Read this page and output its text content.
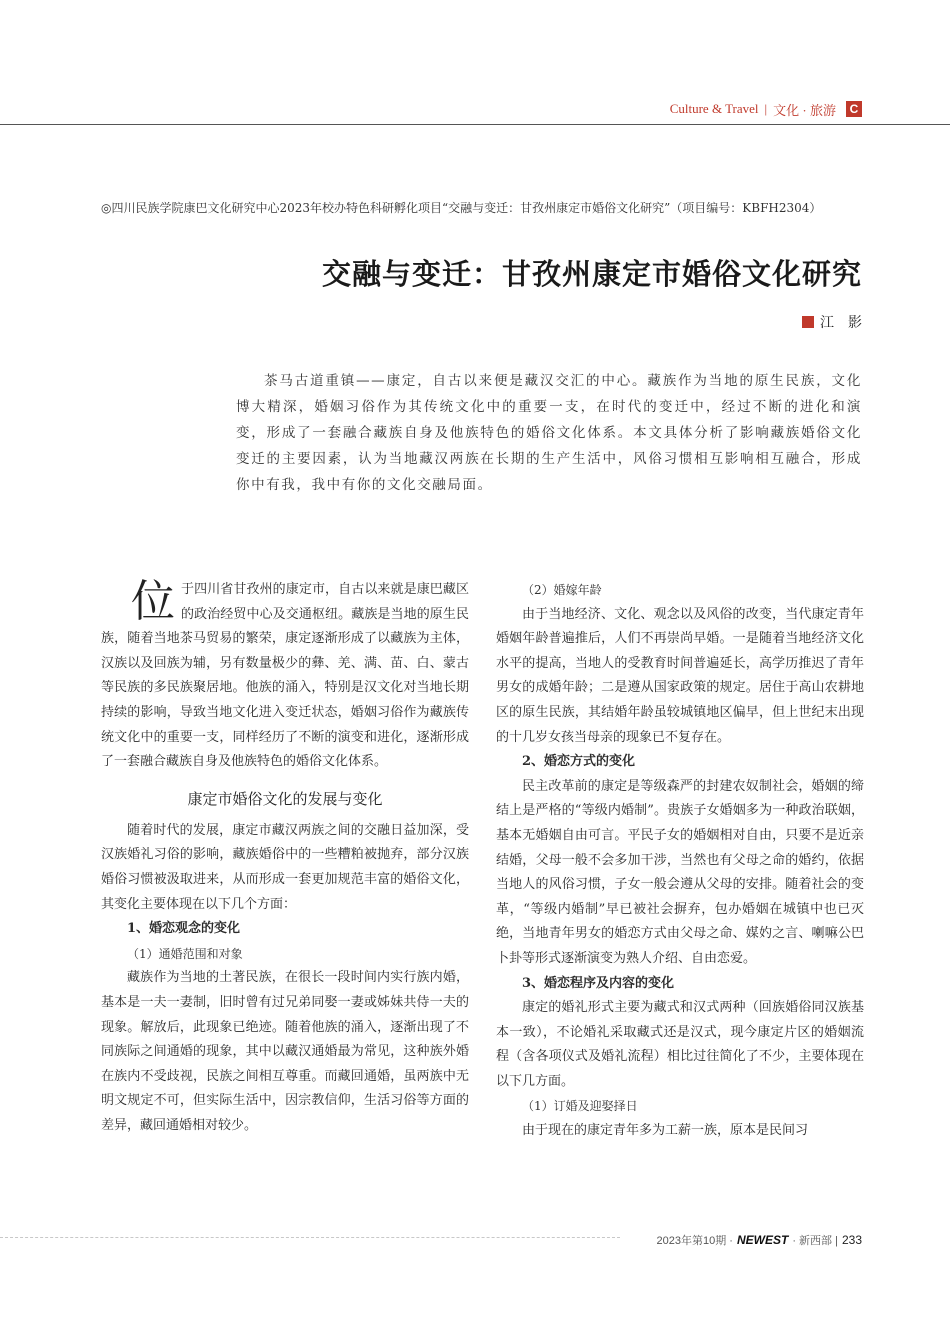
Culture & Travel | 文化 · 旅游	C
◎四川民族学院康巴文化研究中心2023年校办特色科研孵化项目“交融与变迁：甘孜州康定市婚俗文化研究”（项目编号：KBFH2304）
交融与变迁：甘孜州康定市婚俗文化研究
江　影
茶马古道重镇——康定，自古以来便是藏汉交汇的中心。藏族作为当地的原生民族，文化博大精深，婚姻习俗作为其传统文化中的重要一支，在时代的变迁中，经过不断的进化和演变，形成了一套融合藏族自身及他族特色的婚俗文化体系。本文具体分析了影响藏族婚俗文化变迁的主要因素，认为当地藏汉两族在长期的生产生活中，风俗习惯相互影响相互融合，形成你中有我，我中有你的文化交融局面。

位于四川省甘孜州的康定市，自古以来就是康巴藏区的政治经贸中心及交通枢纽。藏族是当地的原生民族，随着当地茶马贸易的繁荣，康定逐渐形成了以藏族为主体，汉族以及回族为辅，另有数量极少的彝、羌、满、苗、白、蒙古等民族的多民族聚居地。他族的涌入，特别是汉文化对当地长期持续的影响，导致当地文化进入变迁状态，婚姻习俗作为藏族传统文化中的重要一支，同样经历了不断的演变和进化，逐渐形成了一套融合藏族自身及他族特色的婚俗文化体系。

康定市婚俗文化的发展与变化

随着时代的发展，康定市藏汉两族之间的交融日益加深，受汉族婚礼习俗的影响，藏族婚俗中的一些糟粕被抛弃，部分汉族婚俗习惯被汲取进来，从而形成一套更加规范丰富的婚俗文化，其变化主要体现在以下几个方面：

1、婚恋观念的变化

（1）通婚范围和对象

藏族作为当地的土著民族，在很长一段时间内实行族内婚，基本是一夫一妻制，旧时曾有过兄弟同娶一妻或姊妹共侍一夫的现象。解放后，此现象已绝迹。随着他族的涌入，逐渐出现了不同族际之间通婚的现象，其中以藏汉通婚最为常见，这种族外婚在族内不受歧视，民族之间相互尊重。而藏回通婚，虽两族中无明文规定不可，但实际生活中，因宗教信仰，生活习俗等方面的差异，藏回通婚相对较少。

（2）婚嫁年龄

由于当地经济、文化、观念以及风俗的改变，当代康定青年婚姻年龄普遍推后，人们不再崇尚早婚。一是随着当地经济文化水平的提高，当地人的受教育时间普遍延长，高学历推迟了青年男女的成婚年龄；二是遵从国家政策的规定。居住于高山农耕地区的原生民族，其结婚年龄虽较城镇地区偏早，但上世纪末出现的十几岁女孩当母亲的现象已不复存在。

2、婚恋方式的变化

民主改革前的康定是等级森严的封建农奴制社会，婚姻的缔结上是严格的“等级内婚制”。贵族子女婚姻多为一种政治联姻，基本无婚姻自由可言。平民子女的婚姻相对自由，只要不是近亲结婚，父母一般不会多加干涉，当然也有父母之命的婚约，依据当地人的风俗习惯，子女一般会遵从父母的安排。随着社会的变革，“等级内婚制”早已被社会摒弃，包办婚姻在城镇中也已灭绝，当地青年男女的婚恋方式由父母之命、媒妁之言、喇嘛公巴卜卦等形式逐渐演变为熟人介绍、自由恋爱。

3、婚恋程序及内容的变化

康定的婚礼形式主要为藏式和汉式两种（回族婚俗同汉族基本一致），不论婚礼采取藏式还是汉式，现今康定片区的婚姻流程（含各项仪式及婚礼流程）相比过往简化了不少，主要体现在以下几方面。

（1）订婚及迎娶择日

由于现在的康定青年多为工薪一族，原本是民间习

2023年第10期 · NEWEST · 新西部 | 233
